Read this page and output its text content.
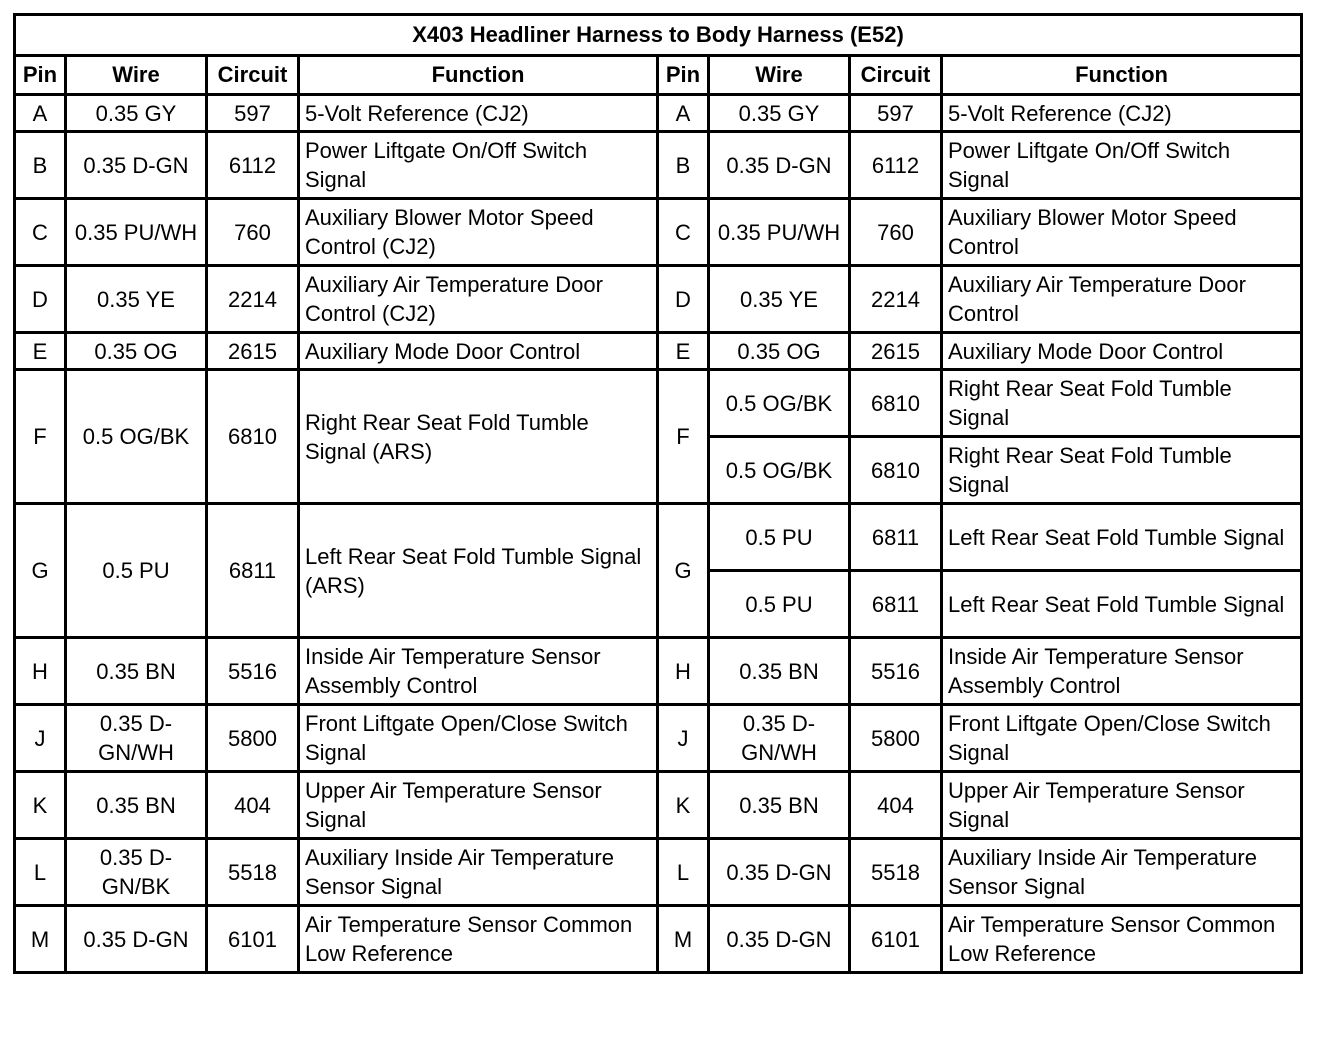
X403 Headliner Harness to Body Harness (E52)							
Pin	Wire	Circuit	Function	Pin	Wire	Circuit	Function
A	0.35 GY	597	5-Volt Reference (CJ2)	A	0.35 GY	597	5-Volt Reference (CJ2)
B	0.35 D-GN	6112	Power Liftgate On/Off Switch Signal	B	0.35 D-GN	6112	Power Liftgate On/Off Switch Signal
C	0.35 PU/WH	760	Auxiliary Blower Motor Speed Control (CJ2)	C	0.35 PU/WH	760	Auxiliary Blower Motor Speed Control
D	0.35 YE	2214	Auxiliary Air Temperature Door Control (CJ2)	D	0.35 YE	2214	Auxiliary Air Temperature Door Control
E	0.35 OG	2615	Auxiliary Mode Door Control	E	0.35 OG	2615	Auxiliary Mode Door Control
F	0.5 OG/BK	6810	Right Rear Seat Fold Tumble Signal (ARS)	F	0.5 OG/BK	6810	Right Rear Seat Fold Tumble Signal
					0.5 OG/BK	6810	Right Rear Seat Fold Tumble Signal
G	0.5 PU	6811	Left Rear Seat Fold Tumble Signal (ARS)	G	0.5 PU	6811	Left Rear Seat Fold Tumble Signal
					0.5 PU	6811	Left Rear Seat Fold Tumble Signal
H	0.35 BN	5516	Inside Air Temperature Sensor Assembly Control	H	0.35 BN	5516	Inside Air Temperature Sensor Assembly Control
J	0.35 D-GN/WH	5800	Front Liftgate Open/Close Switch Signal	J	0.35 D-GN/WH	5800	Front Liftgate Open/Close Switch Signal
K	0.35 BN	404	Upper Air Temperature Sensor Signal	K	0.35 BN	404	Upper Air Temperature Sensor Signal
L	0.35 D-GN/BK	5518	Auxiliary Inside Air Temperature Sensor Signal	L	0.35 D-GN	5518	Auxiliary Inside Air Temperature Sensor Signal
M	0.35 D-GN	6101	Air Temperature Sensor Common Low Reference	M	0.35 D-GN	6101	Air Temperature Sensor Common Low Reference
